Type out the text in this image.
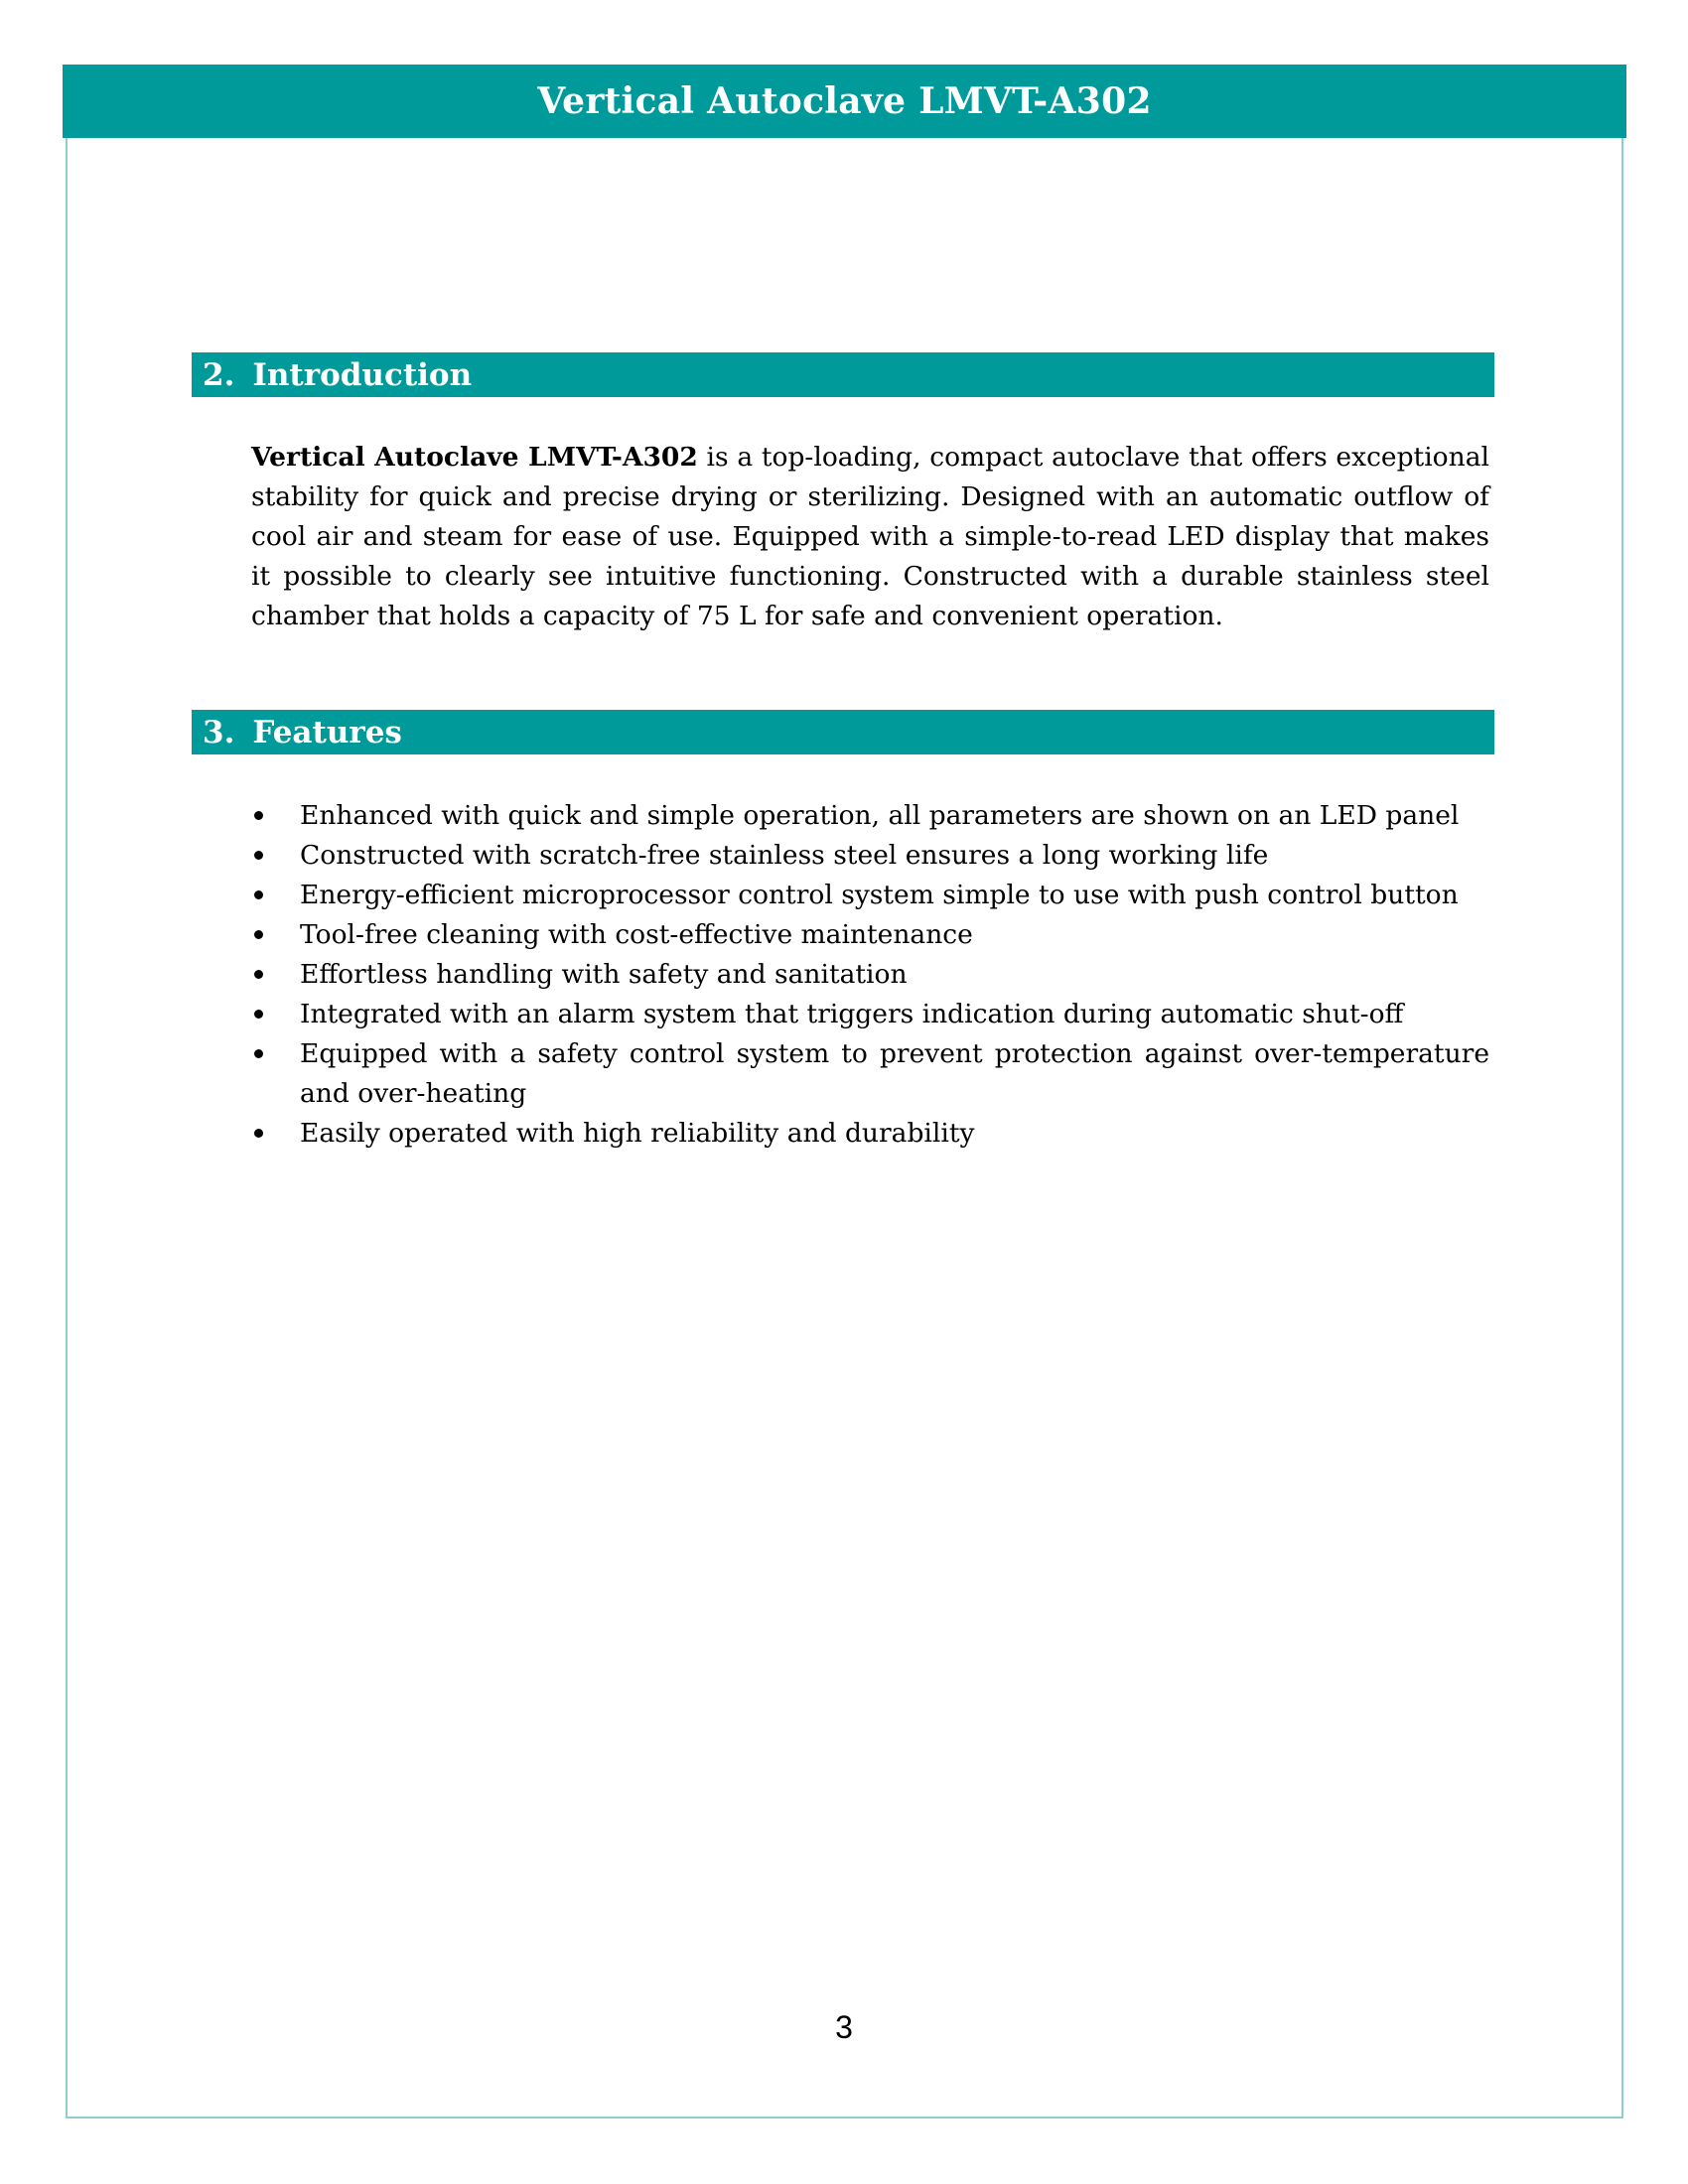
Vertical Autoclave LMVT-A302
2. Introduction

Vertical Autoclave LMVT-A302 is a top-loading, compact autoclave that offers exceptional stability for quick and precise drying or sterilizing. Designed with an automatic outflow of cool air and steam for ease of use. Equipped with a simple-to-read LED display that makes it possible to clearly see intuitive functioning. Constructed with a durable stainless steel chamber that holds a capacity of 75 L for safe and convenient operation.

3. Features
Enhanced with quick and simple operation, all parameters are shown on an LED panel
Constructed with scratch-free stainless steel ensures a long working life
Energy-efficient microprocessor control system simple to use with push control button
Tool-free cleaning with cost-effective maintenance
Effortless handling with safety and sanitation
Integrated with an alarm system that triggers indication during automatic shut-off
Equipped with a safety control system to prevent protection against over-temperature and over-heating
Easily operated with high reliability and durability
3
